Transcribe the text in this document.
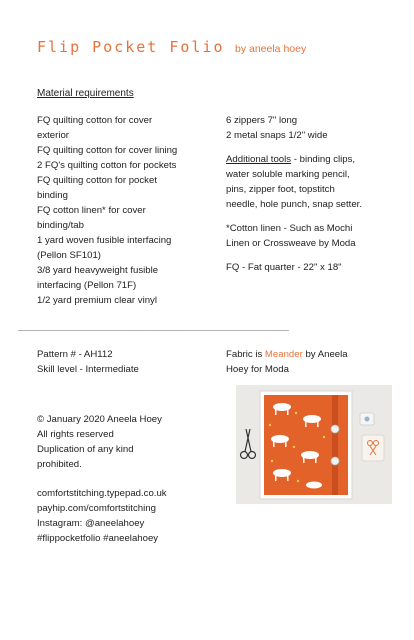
Flip Pocket Folio by aneela hoey
Material requirements

FQ quilting cotton for cover

exterior

FQ quilting cotton for cover lining

2 FQ's quilting cotton for pockets

FQ quilting cotton for pocket

binding

FQ cotton linen* for cover

binding/tab

1 yard woven fusible interfacing

(Pellon SF101)

3/8 yard heavyweight fusible

interfacing (Pellon 71F)

1/2 yard premium clear vinyl

6 zippers 7" long

2 metal snaps 1/2" wide

Additional tools - binding clips,

water soluble marking pencil,

pins, zipper foot, topstitch

needle, hole punch, snap setter.

*Cotton linen - Such as Mochi

Linen or Crossweave by Moda

FQ - Fat quarter - 22" x 18"

_____________________________________________

Pattern # - AH112

Skill level - Intermediate

Fabric is Meander by Aneela

Hoey for Moda

© January 2020 Aneela Hoey

All rights reserved

Duplication of any kind

prohibited.

comfortstitching.typepad.co.uk

payhip.com/comfortstitching

Instagram: @aneelahoey

#flippocketfolio #aneelahoey
